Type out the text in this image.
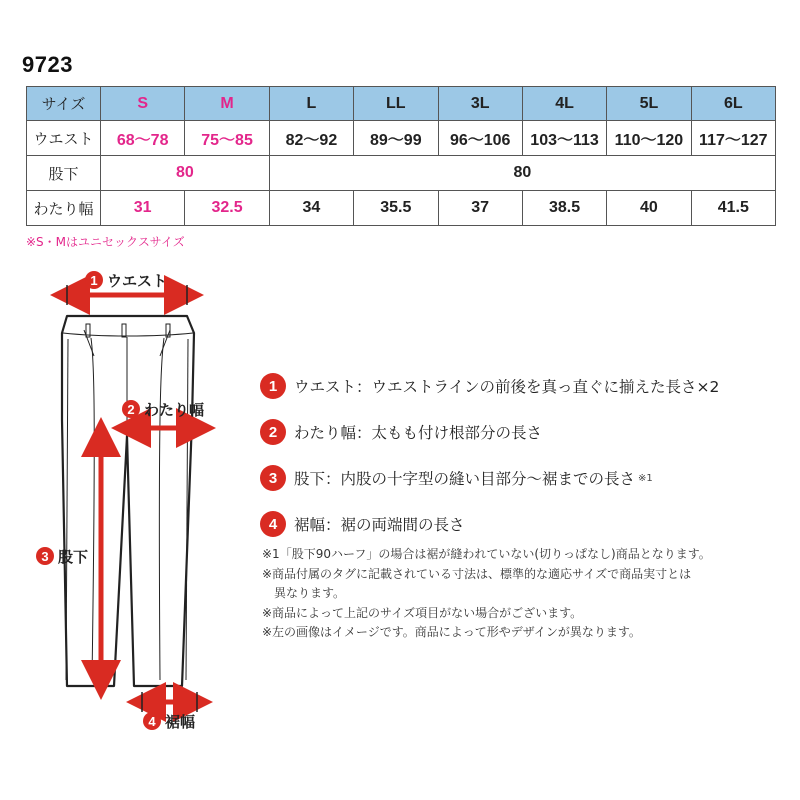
9723
サイズ	S	M	L	LL	3L	4L	5L	6L
ウエスト	68〜78	75〜85	82〜92	89〜99	96〜106	103〜113	110〜120	117〜127
股下	80		80					
わたり幅	31	32.5	34	35.5	37	38.5	40	41.5
※S・Mはユニセックスサイズ
1 ウエスト
2 わたり幅
3 股下
4 裾幅
1	ウエスト ：ウエストラインの前後を真っ直ぐに揃えた長さ×2
2	わたり幅 ：太もも付け根部分の長さ
3	股下 ：内股の十字型の縫い目部分〜裾までの長さ ※1
4	裾幅 ：裾の両端間の長さ
※1「股下90ハーフ」の場合は裾が縫われていない(切りっぱなし)商品となります。
※商品付属のタグに記載されている寸法は、標準的な適応サイズで商品実寸とは
異なります。
※商品によって上記のサイズ項目がない場合がございます。
※左の画像はイメージです。商品によって形やデザインが異なります。
